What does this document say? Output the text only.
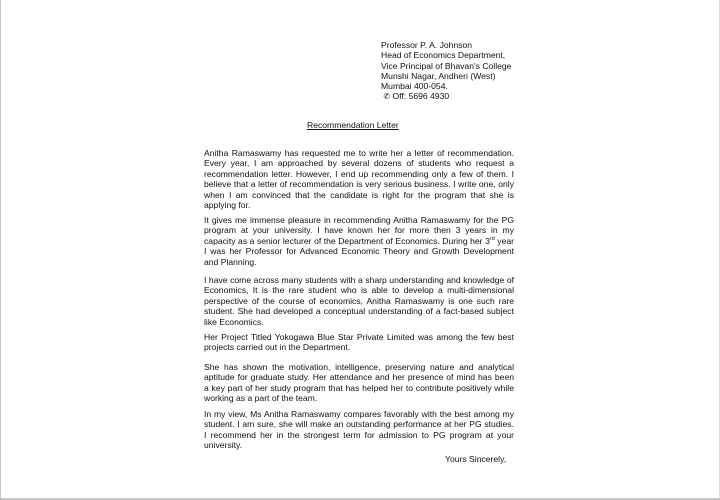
Professor P. A. Johnson
Head of Economics Department,
Vice Principal of Bhavan's College
Munshi Nagar, Andheri (West)
Mumbai 400-054.
✆ Off: 5696 4930
Recommendation Letter
Anitha Ramaswamy has requested me to write her a letter of recommendation.
Every year, I am approached by several dozens of students who request a
recommendation letter. However, I end up recommending only a few of them. I
believe that a letter of recommendation is very serious business. I write one, only
when I am convinced that the candidate is right for the program that she is
applying for.
It gives me immense pleasure in recommending Anitha Ramaswamy for the PG
program at your university. I have known her for more then 3 years in my
capacity as a senior lecturer of the Department of Economics. During her 3rd year
I was her Professor for Advanced Economic Theory and Growth Development
and Planning.
I have come across many students with a sharp understanding and knowledge of
Economics, It is the rare student who is able to develop a multi-dimensional
perspective of the course of economics, Anitha Ramaswamy is one such rare
student. She had developed a conceptual understanding of a fact-based subject
like Economics.
Her Project Titled Yokogawa Blue Star Private Limited was among the few best
projects carried out in the Department.
She has shown the motivation, intelligence, preserving nature and analytical
aptitude for graduate study. Her attendance and her presence of mind has been
a key part of her study program that has helped her to contribute positively while
working as a part of the team.
In my view, Ms Anitha Ramaswamy compares favorably with the best among my
student. I am sure, she will make an outstanding performance at her PG studies.
I recommend her in the strongest term for admission to PG program at your
university.
Yours Sincerely,
